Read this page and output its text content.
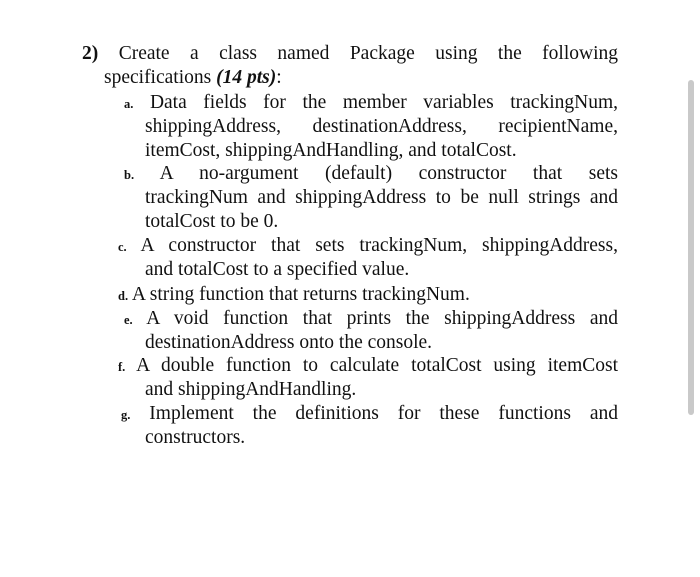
2) Create a class named Package using the following
specifications (14 pts):
a. Data fields for the member variables trackingNum,
shippingAddress, destinationAddress, recipientName,
itemCost, shippingAndHandling, and totalCost.
b. A no-argument (default) constructor that sets
trackingNum and shippingAddress to be null strings and
totalCost to be 0.
c. A constructor that sets trackingNum, shippingAddress,
and totalCost to a specified value.
d. A string function that returns trackingNum.
e. A void function that prints the shippingAddress and
destinationAddress onto the console.
f. A double function to calculate totalCost using itemCost
and shippingAndHandling.
g. Implement the definitions for these functions and
constructors.
